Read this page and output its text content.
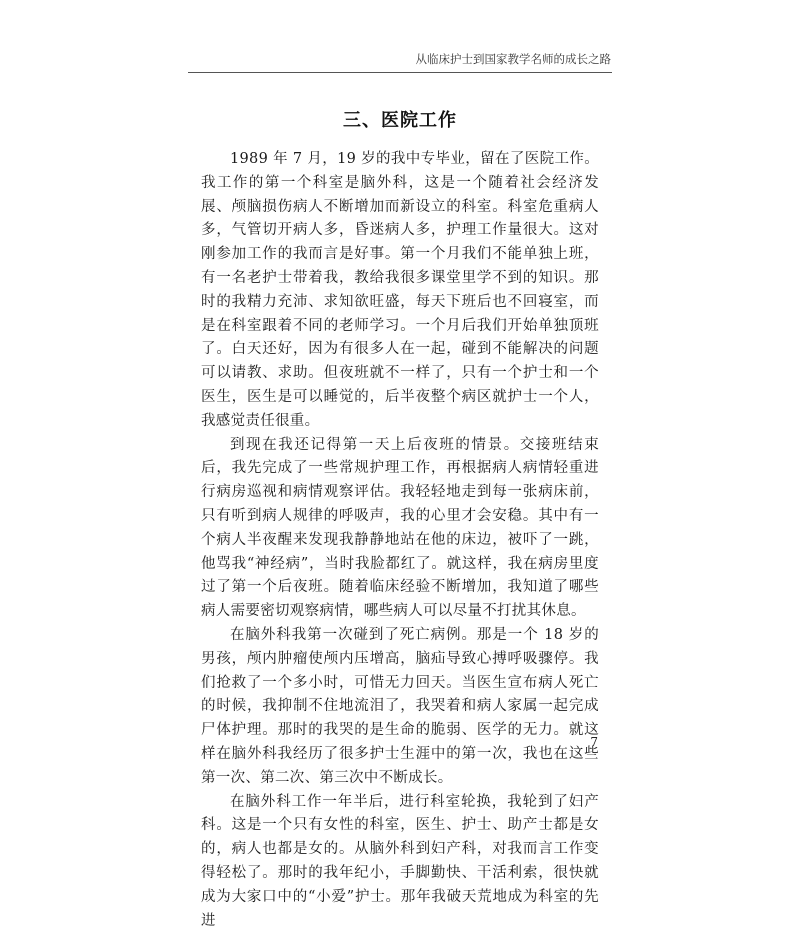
从临床护士到国家教学名师的成长之路
三、医院工作

1989 年 7 月，19 岁的我中专毕业，留在了医院工作。我工作的第一个科室是脑外科，这是一个随着社会经济发展、颅脑损伤病人不断增加而新设立的科室。科室危重病人多，气管切开病人多，昏迷病人多，护理工作量很大。这对刚参加工作的我而言是好事。第一个月我们不能单独上班，有一名老护士带着我，教给我很多课堂里学不到的知识。那时的我精力充沛、求知欲旺盛，每天下班后也不回寝室，而是在科室跟着不同的老师学习。一个月后我们开始单独顶班了。白天还好，因为有很多人在一起，碰到不能解决的问题可以请教、求助。但夜班就不一样了，只有一个护士和一个医生，医生是可以睡觉的，后半夜整个病区就护士一个人，我感觉责任很重。

到现在我还记得第一天上后夜班的情景。交接班结束后，我先完成了一些常规护理工作，再根据病人病情轻重进行病房巡视和病情观察评估。我轻轻地走到每一张病床前，只有听到病人规律的呼吸声，我的心里才会安稳。其中有一个病人半夜醒来发现我静静地站在他的床边，被吓了一跳，他骂我“神经病”，当时我脸都红了。就这样，我在病房里度过了第一个后夜班。随着临床经验不断增加，我知道了哪些病人需要密切观察病情，哪些病人可以尽量不打扰其休息。

在脑外科我第一次碰到了死亡病例。那是一个 18 岁的男孩，颅内肿瘤使颅内压增高，脑疝导致心搏呼吸骤停。我们抢救了一个多小时，可惜无力回天。当医生宣布病人死亡的时候，我抑制不住地流泪了，我哭着和病人家属一起完成尸体护理。那时的我哭的是生命的脆弱、医学的无力。就这样在脑外科我经历了很多护士生涯中的第一次，我也在这些第一次、第二次、第三次中不断成长。

在脑外科工作一年半后，进行科室轮换，我轮到了妇产科。这是一个只有女性的科室，医生、护士、助产士都是女的，病人也都是女的。从脑外科到妇产科，对我而言工作变得轻松了。那时的我年纪小，手脚勤快、干活利索，很快就成为大家口中的“小爱”护士。那年我破天荒地成为科室的先进

7
